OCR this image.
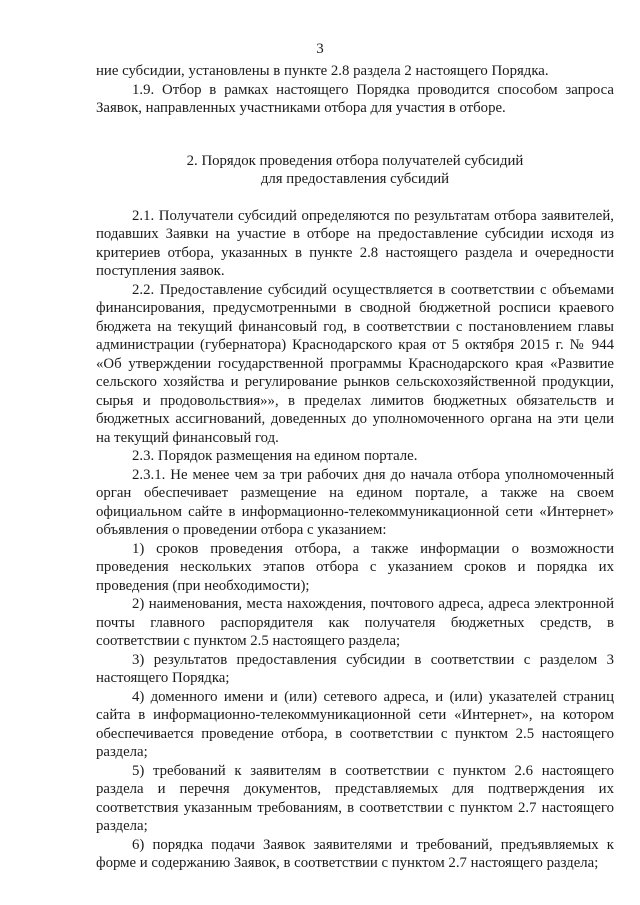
3

ние субсидии, установлены в пункте 2.8 раздела 2 настоящего Порядка.

1.9. Отбор в рамках настоящего Порядка проводится способом запроса Заявок, направленных участниками отбора для участия в отборе.

2. Порядок проведения отбора получателей субсидий

для предоставления субсидий

2.1. Получатели субсидий определяются по результатам отбора заявителей, подавших Заявки на участие в отборе на предоставление субсидии исходя из критериев отбора, указанных в пункте 2.8 настоящего раздела и очередности поступления заявок.

2.2. Предоставление субсидий осуществляется в соответствии с объемами финансирования, предусмотренными в сводной бюджетной росписи краевого бюджета на текущий финансовый год, в соответствии с постановлением главы администрации (губернатора) Краснодарского края от 5 октября 2015 г. № 944 «Об утверждении государственной программы Краснодарского края «Развитие сельского хозяйства и регулирование рынков сельскохозяйственной продукции, сырья и продовольствия»», в пределах лимитов бюджетных обязательств и бюджетных ассигнований, доведенных до уполномоченного органа на эти цели на текущий финансовый год.

2.3. Порядок размещения на едином портале.

2.3.1. Не менее чем за три рабочих дня до начала отбора уполномоченный орган обеспечивает размещение на едином портале, а также на своем официальном сайте в информационно-телекоммуникационной сети «Интернет» объявления о проведении отбора с указанием:

1) сроков проведения отбора, а также информации о возможности проведения нескольких этапов отбора с указанием сроков и порядка их проведения (при необходимости);

2) наименования, места нахождения, почтового адреса, адреса электронной почты главного распорядителя как получателя бюджетных средств, в соответствии с пунктом 2.5 настоящего раздела;

3) результатов предоставления субсидии в соответствии с разделом 3 настоящего Порядка;

4) доменного имени и (или) сетевого адреса, и (или) указателей страниц сайта в информационно-телекоммуникационной сети «Интернет», на котором обеспечивается проведение отбора, в соответствии с пунктом 2.5 настоящего раздела;

5) требований к заявителям в соответствии с пунктом 2.6 настоящего раздела и перечня документов, представляемых для подтверждения их соответствия указанным требованиям, в соответствии с пунктом 2.7 настоящего раздела;

6) порядка подачи Заявок заявителями и требований, предъявляемых к форме и содержанию Заявок, в соответствии с пунктом 2.7 настоящего раздела;
